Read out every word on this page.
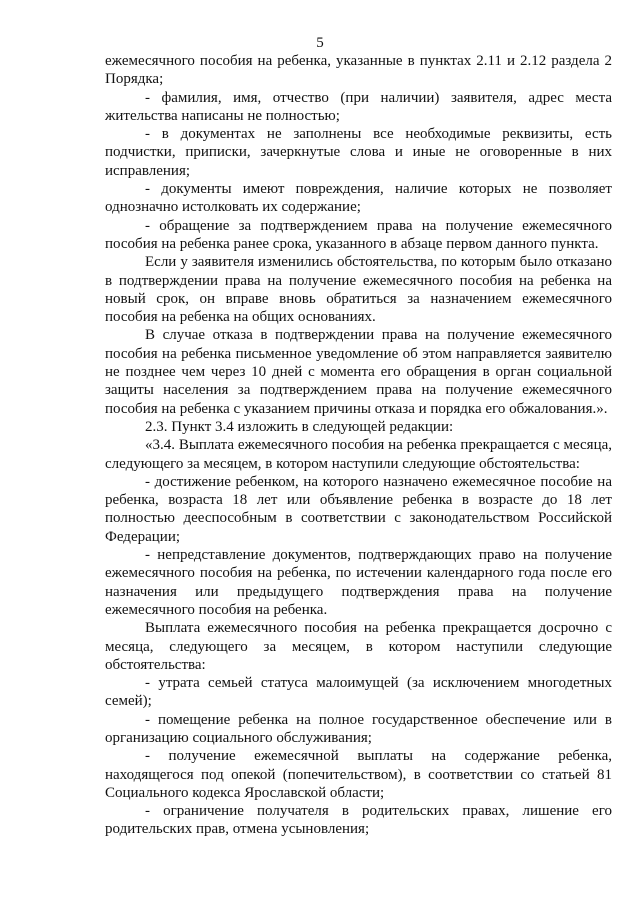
5

ежемесячного пособия на ребенка, указанные в пунктах 2.11 и 2.12 раздела 2 Порядка;

- фамилия, имя, отчество (при наличии) заявителя, адрес места жительства написаны не полностью;

- в документах не заполнены все необходимые реквизиты, есть подчистки, приписки, зачеркнутые слова и иные не оговоренные в них исправления;

- документы имеют повреждения, наличие которых не позволяет однозначно истолковать их содержание;

- обращение за подтверждением права на получение ежемесячного пособия на ребенка ранее срока, указанного в абзаце первом данного пункта.

Если у заявителя изменились обстоятельства, по которым было отказано в подтверждении права на получение ежемесячного пособия на ребенка на новый срок, он вправе вновь обратиться за назначением ежемесячного пособия на ребенка на общих основаниях.

В случае отказа в подтверждении права на получение ежемесячного пособия на ребенка письменное уведомление об этом направляется заявителю не позднее чем через 10 дней с момента его обращения в орган социальной защиты населения за подтверждением права на получение ежемесячного пособия на ребенка с указанием причины отказа и порядка его обжалования.».

2.3. Пункт 3.4 изложить в следующей редакции:

«3.4. Выплата ежемесячного пособия на ребенка прекращается с месяца, следующего за месяцем, в котором наступили следующие обстоятельства:

- достижение ребенком, на которого назначено ежемесячное пособие на ребенка, возраста 18 лет или объявление ребенка в возрасте до 18 лет полностью дееспособным в соответствии с законодательством Российской Федерации;

- непредставление документов, подтверждающих право на получение ежемесячного пособия на ребенка, по истечении календарного года после его назначения или предыдущего подтверждения права на получение ежемесячного пособия на ребенка.

Выплата ежемесячного пособия на ребенка прекращается досрочно с месяца, следующего за месяцем, в котором наступили следующие обстоятельства:

- утрата семьей статуса малоимущей (за исключением многодетных семей);

- помещение ребенка на полное государственное обеспечение или в организацию социального обслуживания;

- получение ежемесячной выплаты на содержание ребенка, находящегося под опекой (попечительством), в соответствии со статьей 81 Социального кодекса Ярославской области;

- ограничение получателя в родительских правах, лишение его родительских прав, отмена усыновления;
